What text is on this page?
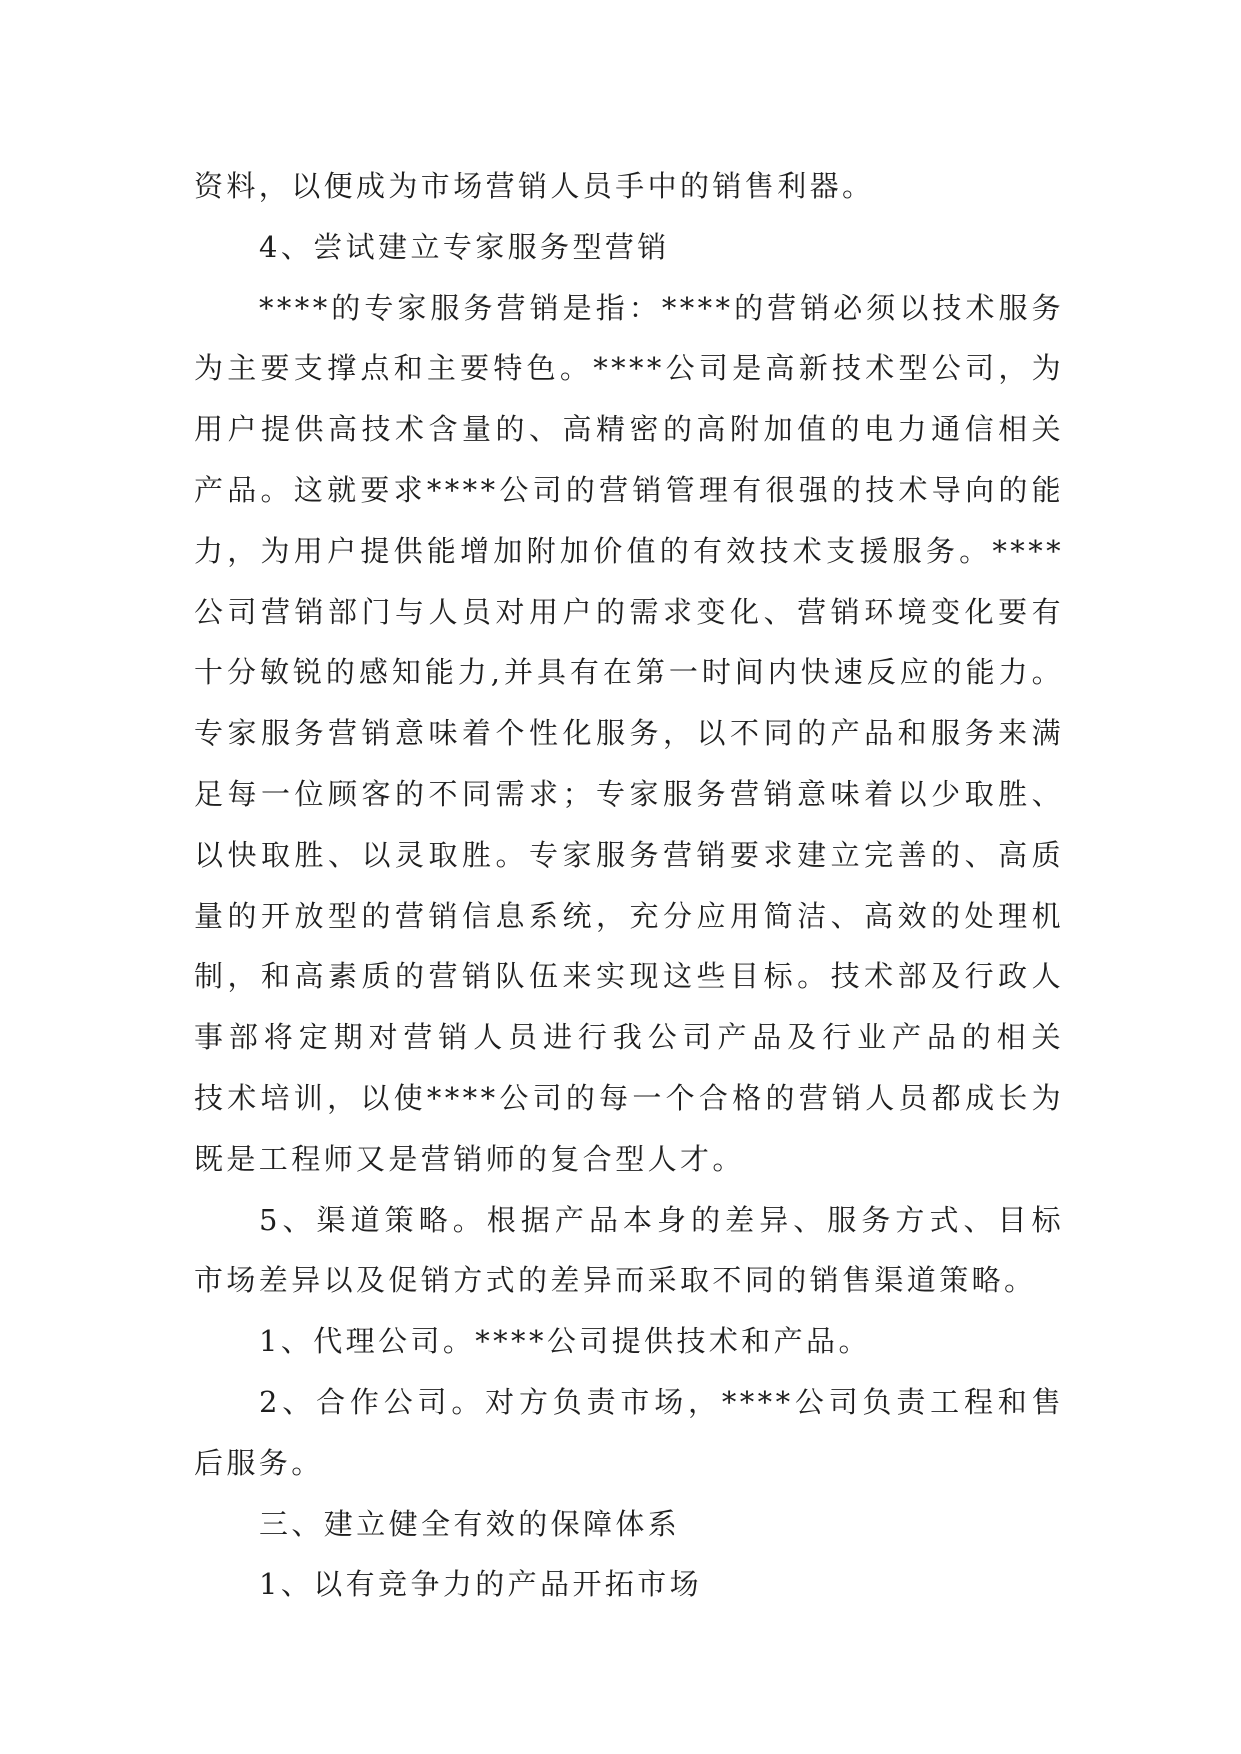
资料，以便成为市场营销人员手中的销售利器。
4、尝试建立专家服务型营销
****的专家服务营销是指：****的营销必须以技术服务
为主要支撑点和主要特色。****公司是高新技术型公司，为
用户提供高技术含量的、高精密的高附加值的电力通信相关
产品。这就要求****公司的营销管理有很强的技术导向的能
力，为用户提供能增加附加价值的有效技术支援服务。****
公司营销部门与人员对用户的需求变化、营销环境变化要有
十分敏锐的感知能力,并具有在第一时间内快速反应的能力。
专家服务营销意味着个性化服务，以不同的产品和服务来满
足每一位顾客的不同需求；专家服务营销意味着以少取胜、
以快取胜、以灵取胜。专家服务营销要求建立完善的、高质
量的开放型的营销信息系统，充分应用简洁、高效的处理机
制，和高素质的营销队伍来实现这些目标。技术部及行政人
事部将定期对营销人员进行我公司产品及行业产品的相关
技术培训，以使****公司的每一个合格的营销人员都成长为
既是工程师又是营销师的复合型人才。
5、渠道策略。根据产品本身的差异、服务方式、目标
市场差异以及促销方式的差异而采取不同的销售渠道策略。
1、代理公司。****公司提供技术和产品。
2、合作公司。对方负责市场，****公司负责工程和售
后服务。
三、建立健全有效的保障体系
1、以有竞争力的产品开拓市场
